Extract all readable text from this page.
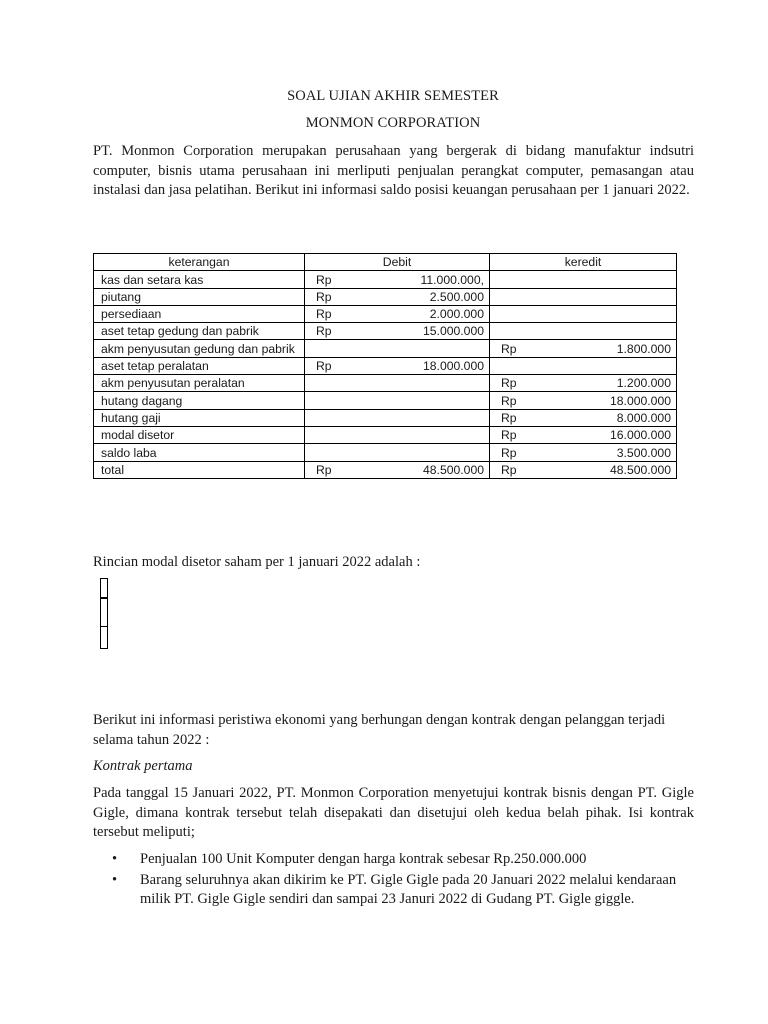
SOAL UJIAN AKHIR SEMESTER
MONMON CORPORATION
PT. Monmon Corporation merupakan perusahaan yang bergerak di bidang manufaktur indsutri computer, bisnis utama perusahaan ini merliputi penjualan perangkat computer, pemasangan atau instalasi dan jasa pelatihan. Berikut ini informasi saldo posisi keuangan perusahaan per 1 januari 2022.
keterangan	Debit	keredit
kas dan setara kas	Rp 11.000.000,	

piutang	Rp 2.500.000	

persediaan	Rp 2.000.000	

aset tetap gedung dan pabrik	Rp 15.000.000	

akm penyusutan gedung dan pabrik		Rp 1.800.000

aset tetap peralatan	Rp 18.000.000	

akm penyusutan peralatan		Rp 1.200.000

hutang dagang		Rp 18.000.000

hutang gaji		Rp 8.000.000

modal disetor		Rp 16.000.000

saldo laba		Rp 3.500.000

total	Rp 48.500.000	Rp 48.500.000
Rincian modal disetor saham per 1 januari 2022 adalah :
Berikut ini informasi peristiwa ekonomi yang berhungan dengan kontrak dengan pelanggan terjadi selama tahun 2022 :
Kontrak pertama
Pada tanggal 15 Januari 2022, PT. Monmon Corporation menyetujui kontrak bisnis dengan PT. Gigle Gigle, dimana kontrak tersebut telah disepakati dan disetujui oleh kedua belah pihak. Isi kontrak tersebut meliputi;
• Penjualan 100 Unit Komputer dengan harga kontrak sebesar Rp.250.000.000
• Barang seluruhnya akan dikirim ke PT. Gigle Gigle pada 20 Januari 2022 melalui kendaraan milik PT. Gigle Gigle sendiri dan sampai 23 Januri 2022 di Gudang PT. Gigle giggle.
